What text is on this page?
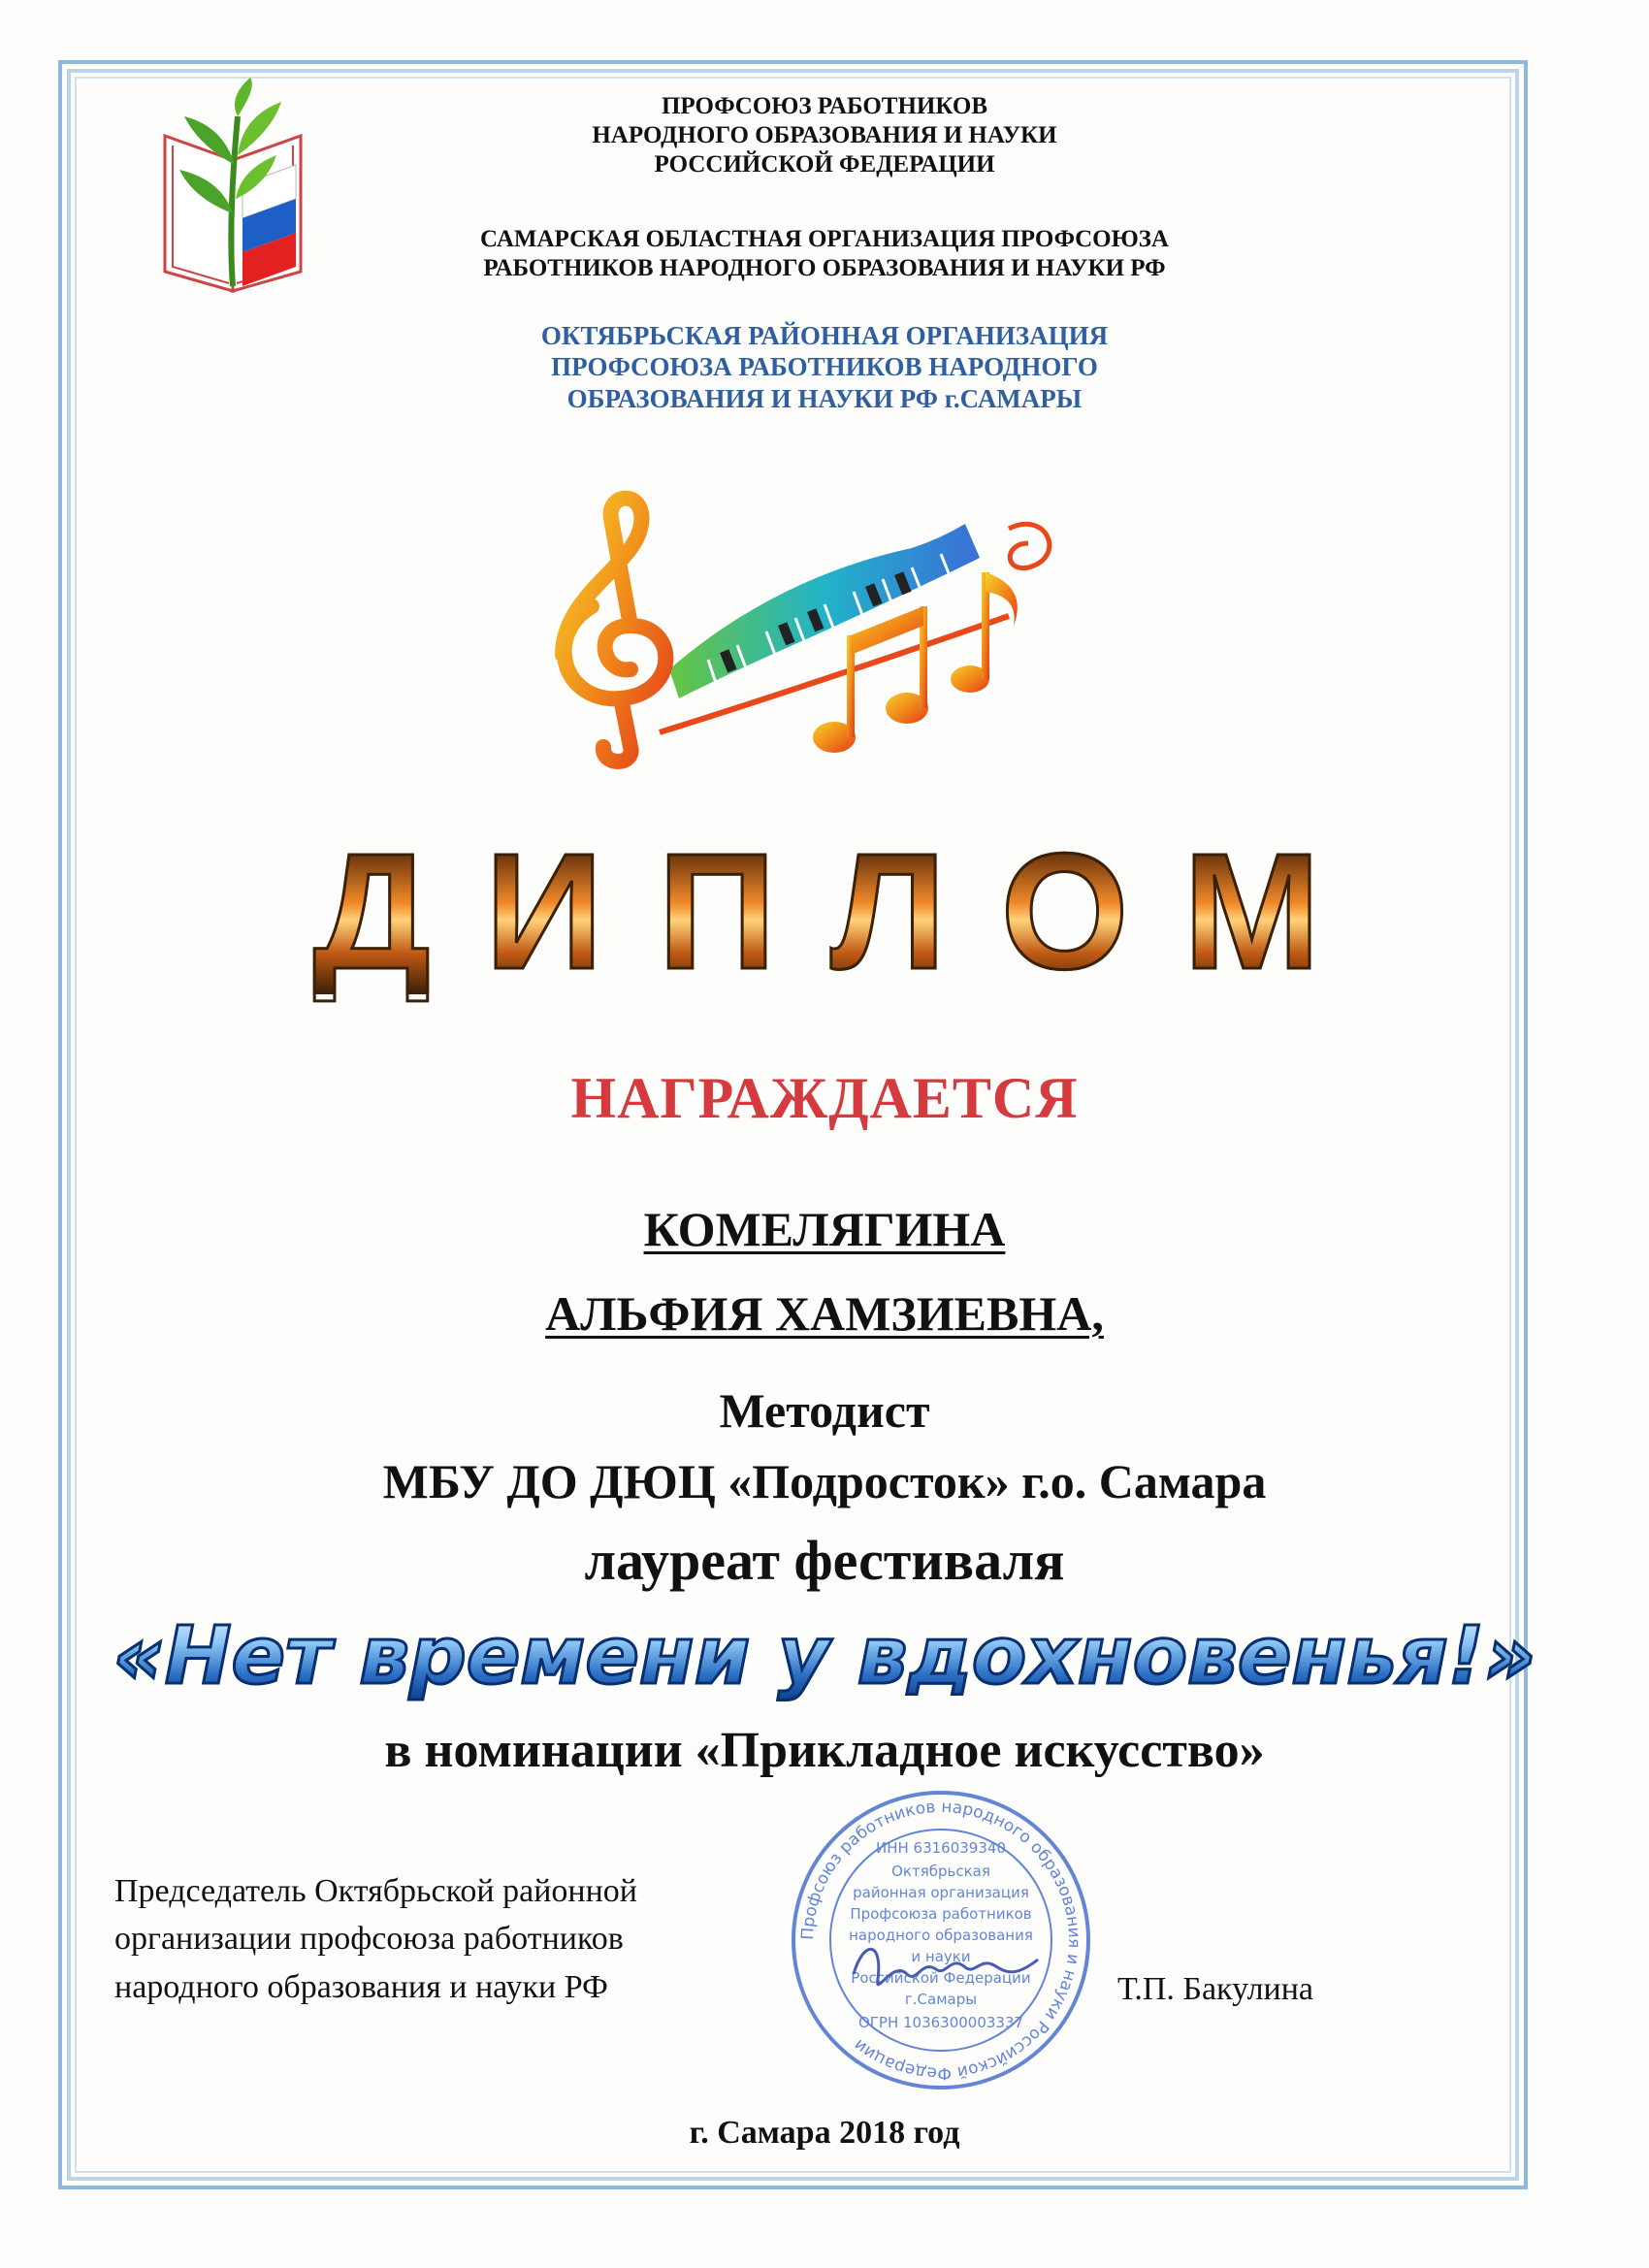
ПРОФСОЮЗ РАБОТНИКОВ
НАРОДНОГО ОБРАЗОВАНИЯ И НАУКИ
РОССИЙСКОЙ ФЕДЕРАЦИИ
САМАРСКАЯ ОБЛАСТНАЯ ОРГАНИЗАЦИЯ ПРОФСОЮЗА
РАБОТНИКОВ НАРОДНОГО ОБРАЗОВАНИЯ И НАУКИ РФ
ОКТЯБРЬСКАЯ РАЙОННАЯ ОРГАНИЗАЦИЯ
ПРОФСОЮЗА РАБОТНИКОВ НАРОДНОГО
ОБРАЗОВАНИЯ И НАУКИ РФ г.САМАРЫ
ДИПЛОМ
НАГРАЖДАЕТСЯ
КОМЕЛЯГИНА
АЛЬФИЯ ХАМЗИЕВНА,
Методист
МБУ ДО ДЮЦ «Подросток» г.о. Самара
лауреат фестиваля
«Нет времени у вдохновенья!»
в номинации «Прикладное искусство»
Председатель Октябрьской районной
организации профсоюза работников
народного образования и науки РФ
Профсоюз работников народного образования и науки Российской Федерации
ИНН 6316039340
Октябрьская
районная организация
Профсоюза работников
народного образования
и науки
Российской Федерации
г.Самары
ОГРН 1036300003337
Т.П. Бакулина
г. Самара 2018 год
